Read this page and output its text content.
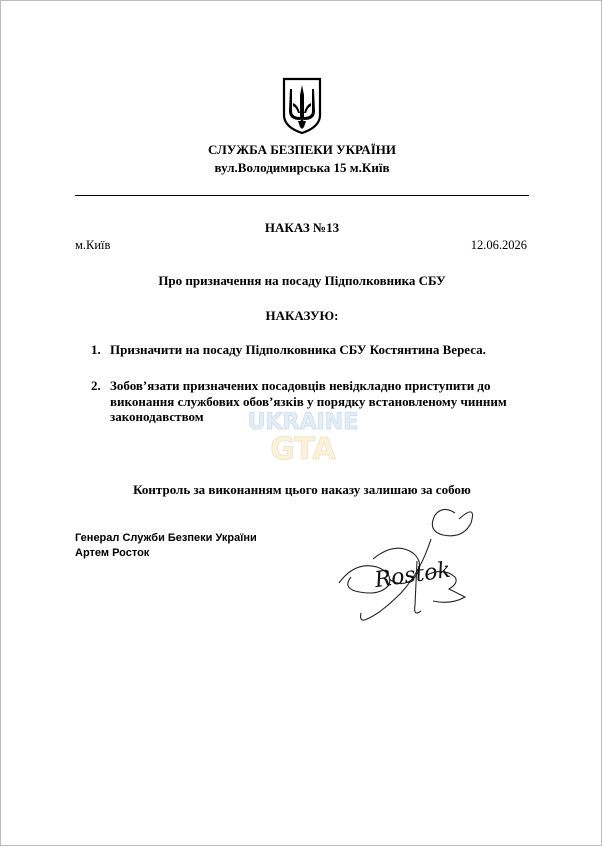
СЛУЖБА БЕЗПЕКИ УКРАЇНИ
вул.Володимирська 15 м.Київ
НАКАЗ №13
м.Київ	12.06.2026
Про призначення на посаду Підполковника СБУ
НАКАЗУЮ:
1. Призначити на посаду Підполковника СБУ Костянтина Вереса.
2. Зобов’язати призначених посадовців невідкладно приступити до виконання службових обов’язків у порядку встановленому чинним законодавством	UKRAINE
GTA
Контроль за виконанням цього наказу залишаю за собою
Генерал Служби Безпеки України
Артем Росток
Rostok
